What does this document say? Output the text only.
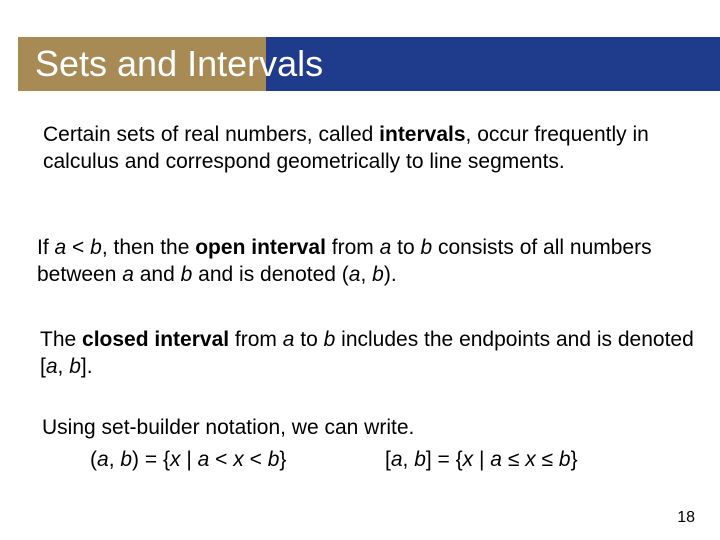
Sets and Intervals
Certain sets of real numbers, called intervals, occur frequently in calculus and correspond geometrically to line segments.
If a < b, then the open interval from a to b consists of all numbers between a and b and is denoted (a, b).
The closed interval from a to b includes the endpoints and is denoted [a, b].
Using set-builder notation, we can write.
(a, b) = {x | a < x < b}	[a, b] = {x | a ≤ x ≤ b}
18
